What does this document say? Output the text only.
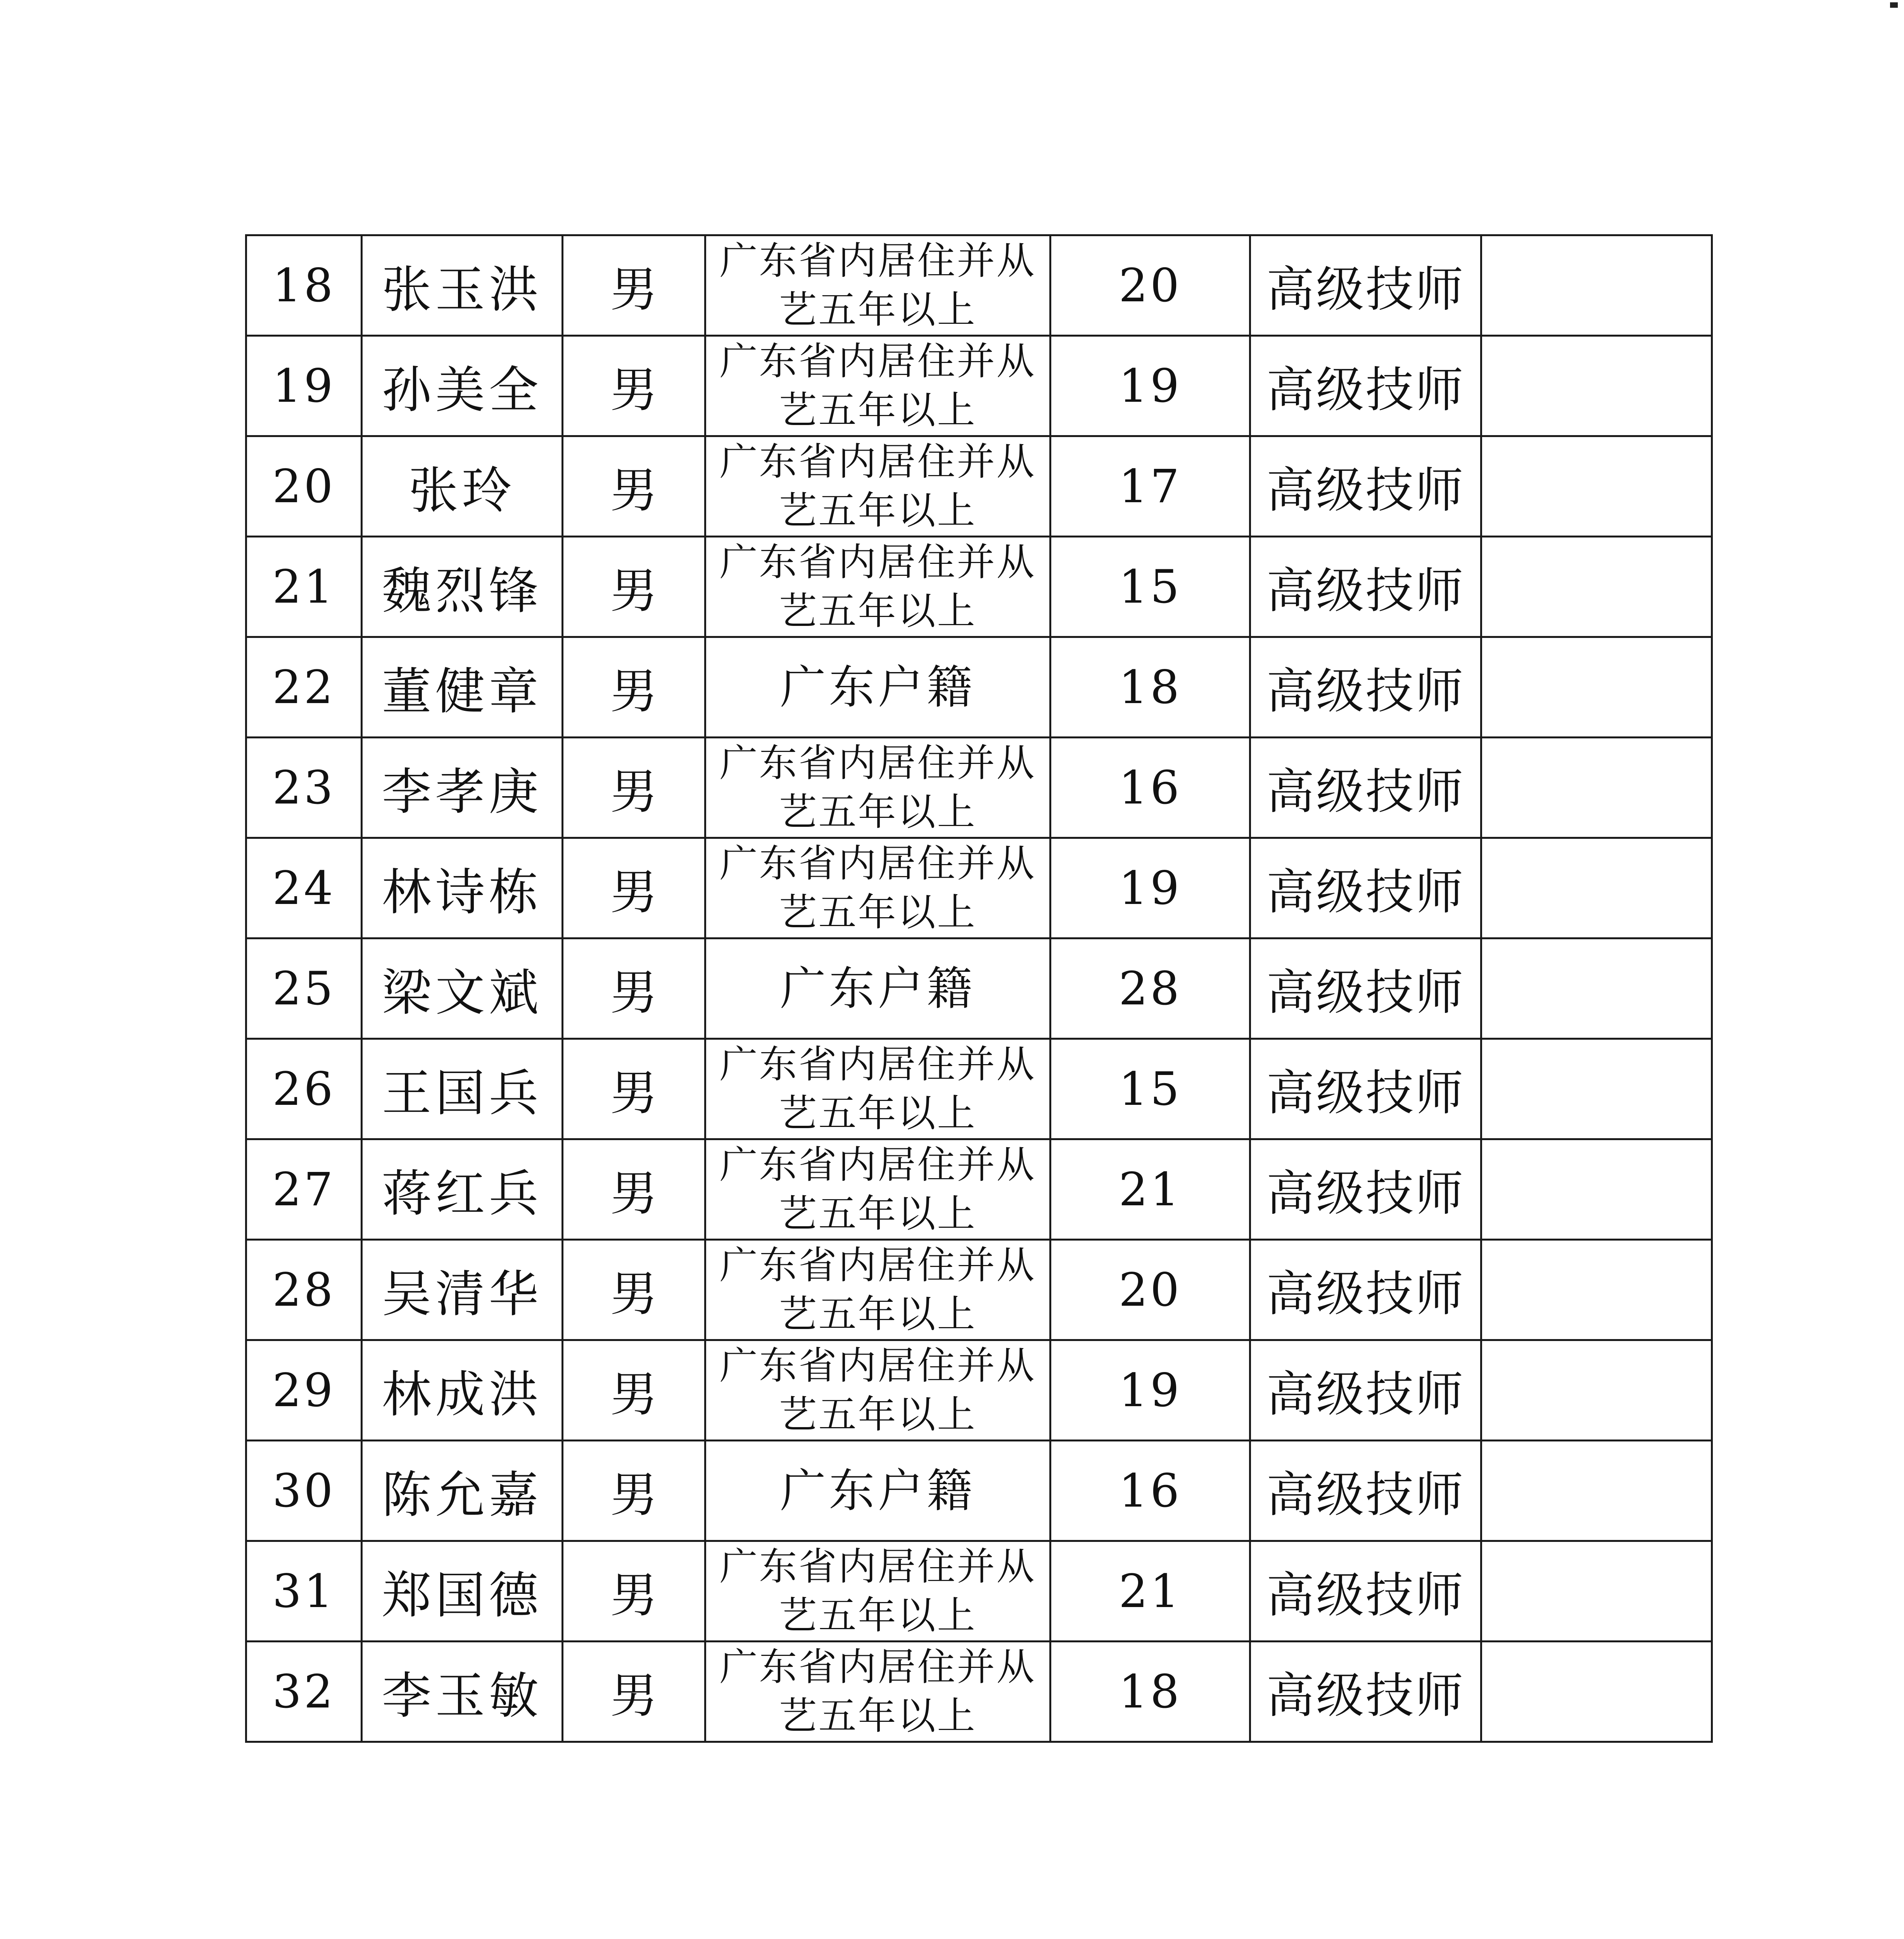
18	张玉洪	男	广东省内居住并从
艺五年以上	20	高级技师	
19	孙美全	男	广东省内居住并从
艺五年以上	19	高级技师	
20	张玲	男	广东省内居住并从
艺五年以上	17	高级技师	
21	魏烈锋	男	广东省内居住并从
艺五年以上	15	高级技师	
22	董健章	男	广东户籍	18	高级技师	
23	李孝庚	男	广东省内居住并从
艺五年以上	16	高级技师	
24	林诗栋	男	广东省内居住并从
艺五年以上	19	高级技师	
25	梁文斌	男	广东户籍	28	高级技师	
26	王国兵	男	广东省内居住并从
艺五年以上	15	高级技师	
27	蒋红兵	男	广东省内居住并从
艺五年以上	21	高级技师	
28	吴清华	男	广东省内居住并从
艺五年以上	20	高级技师	
29	林成洪	男	广东省内居住并从
艺五年以上	19	高级技师	
30	陈允嘉	男	广东户籍	16	高级技师	
31	郑国德	男	广东省内居住并从
艺五年以上	21	高级技师	
32	李玉敏	男	广东省内居住并从
艺五年以上	18	高级技师	
